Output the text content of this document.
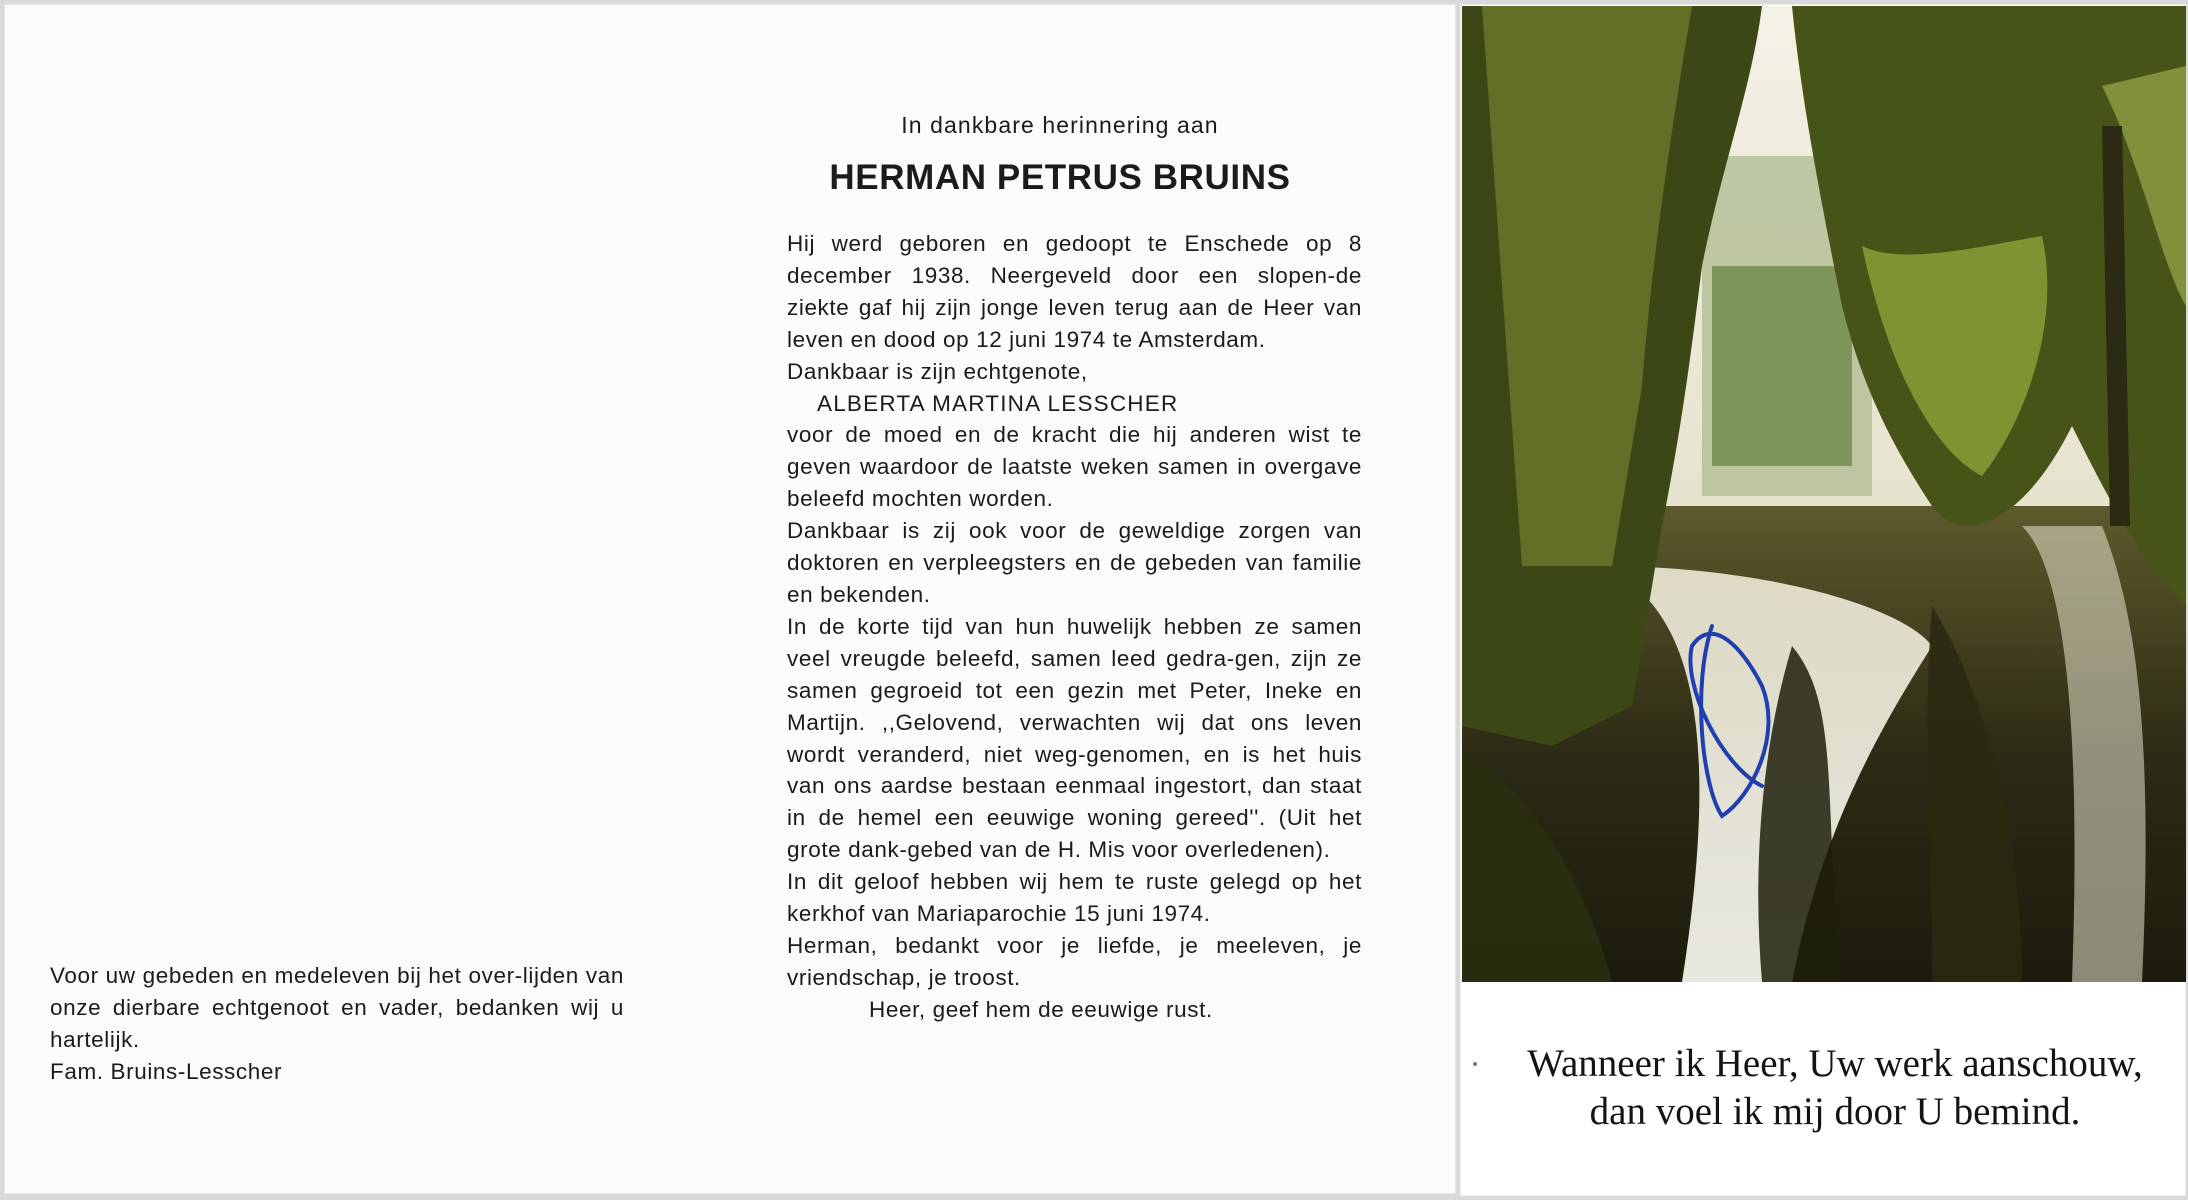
In dankbare herinnering aan
HERMAN PETRUS BRUINS

Hij werd geboren en gedoopt te Enschede op 8 december 1938. Neergeveld door een slopen-de ziekte gaf hij zijn jonge leven terug aan de Heer van leven en dood op 12 juni 1974 te Amsterdam.

Dankbaar is zijn echtgenote,

ALBERTA MARTINA LESSCHER

voor de moed en de kracht die hij anderen wist te geven waardoor de laatste weken samen in overgave beleefd mochten worden.

Dankbaar is zij ook voor de geweldige zorgen van doktoren en verpleegsters en de gebeden van familie en bekenden.

In de korte tijd van hun huwelijk hebben ze samen veel vreugde beleefd, samen leed gedra-gen, zijn ze samen gegroeid tot een gezin met Peter, Ineke en Martijn. ,,Gelovend, verwachten wij dat ons leven wordt veranderd, niet weg-genomen, en is het huis van ons aardse bestaan eenmaal ingestort, dan staat in de hemel een eeuwige woning gereed''. (Uit het grote dank-gebed van de H. Mis voor overledenen).

In dit geloof hebben wij hem te ruste gelegd op het kerkhof van Mariaparochie 15 juni 1974.

Herman, bedankt voor je liefde, je meeleven, je vriendschap, je troost.

Heer, geef hem de eeuwige rust.

Voor uw gebeden en medeleven bij het over-lijden van onze dierbare echtgenoot en vader, bedanken wij u hartelijk.

Fam. Bruins-Lesscher	Wanneer ik Heer, Uw werk aanschouw,
dan voel ik mij door U bemind.
